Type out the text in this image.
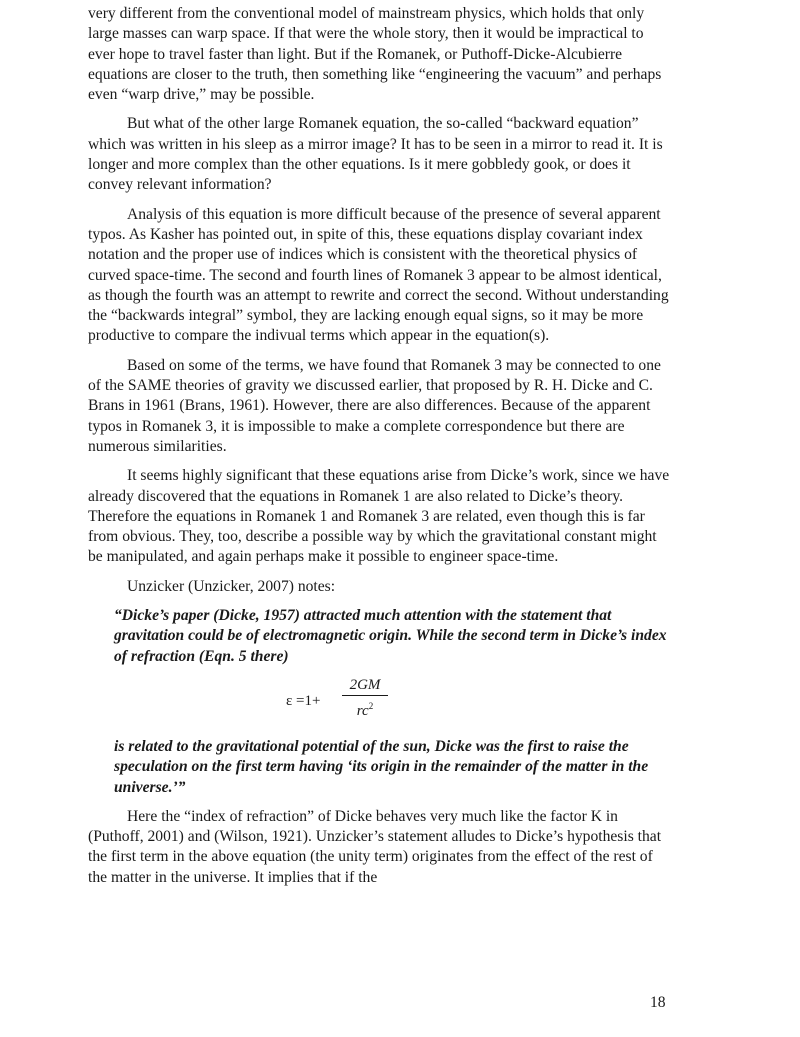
very different from the conventional model of mainstream physics, which holds that only large masses can warp space. If that were the whole story, then it would be impractical to ever hope to travel faster than light. But if the Romanek, or Puthoff-Dicke-Alcubierre equations are closer to the truth, then something like “engineering the vacuum” and perhaps even “warp drive,” may be possible.

But what of the other large Romanek equation, the so-called “backward equation” which was written in his sleep as a mirror image? It has to be seen in a mirror to read it. It is longer and more complex than the other equations. Is it mere gobbledy gook, or does it convey relevant information?

Analysis of this equation is more difficult because of the presence of several apparent typos. As Kasher has pointed out, in spite of this, these equations display covariant index notation and the proper use of indices which is consistent with the theoretical physics of curved space-time. The second and fourth lines of Romanek 3 appear to be almost identical, as though the fourth was an attempt to rewrite and correct the second. Without understanding the “backwards integral” symbol, they are lacking enough equal signs, so it may be more productive to compare the indivual terms which appear in the equation(s).

Based on some of the terms, we have found that Romanek 3 may be connected to one of the SAME theories of gravity we discussed earlier, that proposed by R. H. Dicke and C. Brans in 1961 (Brans, 1961). However, there are also differences. Because of the apparent typos in Romanek 3, it is impossible to make a complete correspondence but there are numerous similarities.

It seems highly significant that these equations arise from Dicke’s work, since we have already discovered that the equations in Romanek 1 are also related to Dicke’s theory. Therefore the equations in Romanek 1 and Romanek 3 are related, even though this is far from obvious. They, too, describe a possible way by which the gravitational constant might be manipulated, and again perhaps make it possible to engineer space-time.

Unzicker (Unzicker, 2007) notes:

“Dicke’s paper (Dicke, 1957) attracted much attention with the statement that gravitation could be of electromagnetic origin. While the second term in Dicke’s index of refraction (Eqn. 5 there)

ε =1+
2GM
$rc^2$

is related to the gravitational potential of the sun, Dicke was the first to raise the speculation on the first term having ‘its origin in the remainder of the matter in the universe.’”

Here the “index of refraction” of Dicke behaves very much like the factor K in (Puthoff, 2001) and (Wilson, 1921). Unzicker’s statement alludes to Dicke’s hypothesis that the first term in the above equation (the unity term) originates from the effect of the rest of the matter in the universe. It implies that if the

18
